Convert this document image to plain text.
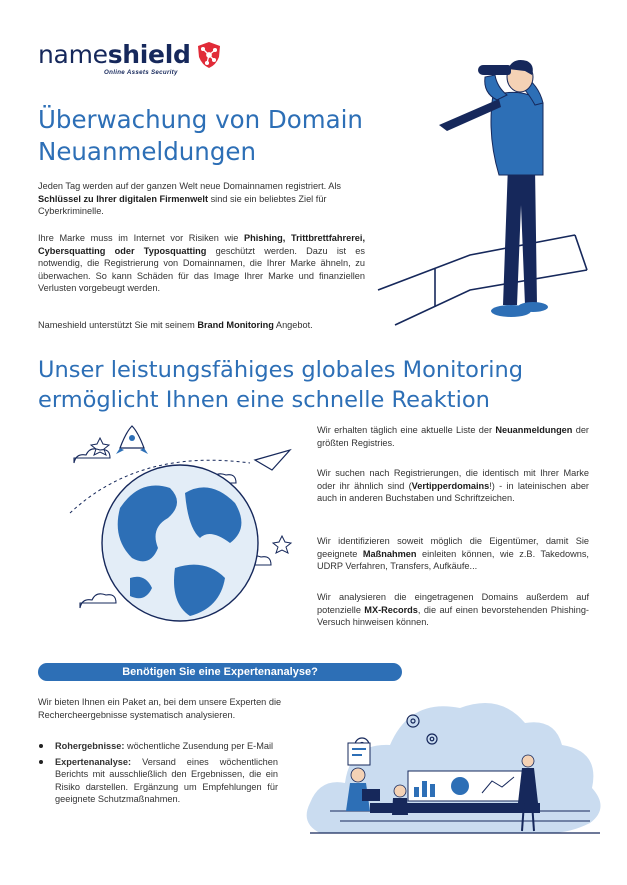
nameshield
Online Assets Security
Überwachung von Domain
Neuanmeldungen
Jeden Tag werden auf der ganzen Welt neue Domainnamen registriert. Als Schlüssel zu Ihrer digitalen Firmenwelt sind sie ein beliebtes Ziel für Cyberkriminelle.
Ihre Marke muss im Internet vor Risiken wie Phishing, Trittbrettfahrerei, Cybersquatting oder Typosquatting geschützt werden. Dazu ist es notwendig, die Registrierung von Domainnamen, die Ihrer Marke ähneln, zu überwachen. So kann Schäden für das Image Ihrer Marke und finanziellen Verlusten vorgebeugt werden.
Nameshield unterstützt Sie mit seinem Brand Monitoring Angebot.
Unser leistungsfähiges globales Monitoring
ermöglicht Ihnen eine schnelle Reaktion
Wir erhalten täglich eine aktuelle Liste der Neuanmeldungen der größten Registries.
Wir suchen nach Registrierungen, die identisch mit Ihrer Marke oder ihr ähnlich sind (Vertipperdomains!) - in lateinischen aber auch in anderen Buchstaben und Schriftzeichen.
Wir identifizieren soweit möglich die Eigentümer, damit Sie geeignete Maßnahmen einleiten können, wie z.B. Takedowns, UDRP Verfahren, Transfers, Aufkäufe...
Wir analysieren die eingetragenen Domains außerdem auf potenzielle MX-Records, die auf einen bevorstehenden Phishing-Versuch hinweisen können.
Benötigen Sie eine Expertenanalyse?
Wir bieten Ihnen ein Paket an, bei dem unsere Experten die Rechercheergebnisse systematisch analysieren.
Rohergebnisse: wöchentliche Zusendung per E-Mail
Expertenanalyse: Versand eines wöchentlichen Berichts mit ausschließlich den Ergebnissen, die ein Risiko darstellen. Ergänzung um Empfehlungen für geeignete Schutzmaßnahmen.
